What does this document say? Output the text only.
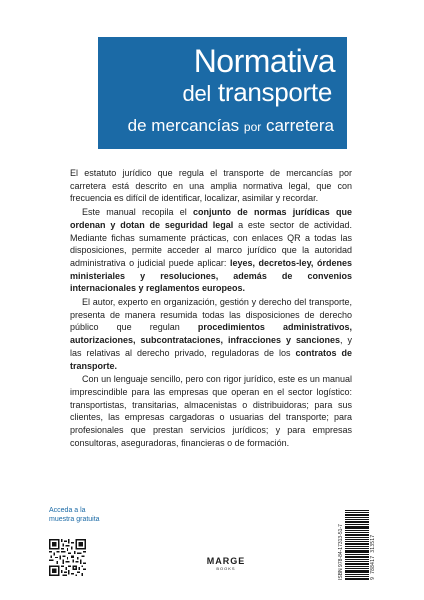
Normativa
del transporte
de mercancías por carretera

El estatuto jurídico que regula el transporte de mercancías por carretera está descrito en una amplia normativa legal, que con frecuencia es difícil de identificar, localizar, asimilar y recordar.

Este manual recopila el conjunto de normas jurídicas que ordenan y dotan de seguridad legal a este sector de actividad. Mediante fichas sumamente prácticas, con enlaces QR a todas las disposiciones, permite acceder al marco jurídico que la autoridad administrativa o judicial puede aplicar: leyes, decretos-ley, órdenes ministeriales y resoluciones, además de convenios internacionales y reglamentos europeos.

El autor, experto en organización, gestión y derecho del transporte, presenta de manera resumida todas las disposiciones de derecho público que regulan procedimientos administrativos, autorizaciones, subcontrataciones, infracciones y sanciones, y las relativas al derecho privado, reguladoras de los contratos de transporte.

Con un lenguaje sencillo, pero con rigor jurídico, este es un manual imprescindible para las empresas que operan en el sector logístico: transportistas, transitarias, almacenistas o distribuidoras; para sus clientes, las empresas cargadoras o usuarias del transporte; para profesionales que prestan servicios jurídicos; y para empresas consultoras, aseguradoras, financieras o de formación.

Acceda a la muestra gratuita
MARGE
BOOKS	ISBN 978-84-17313-51-7	9 788417 313517
